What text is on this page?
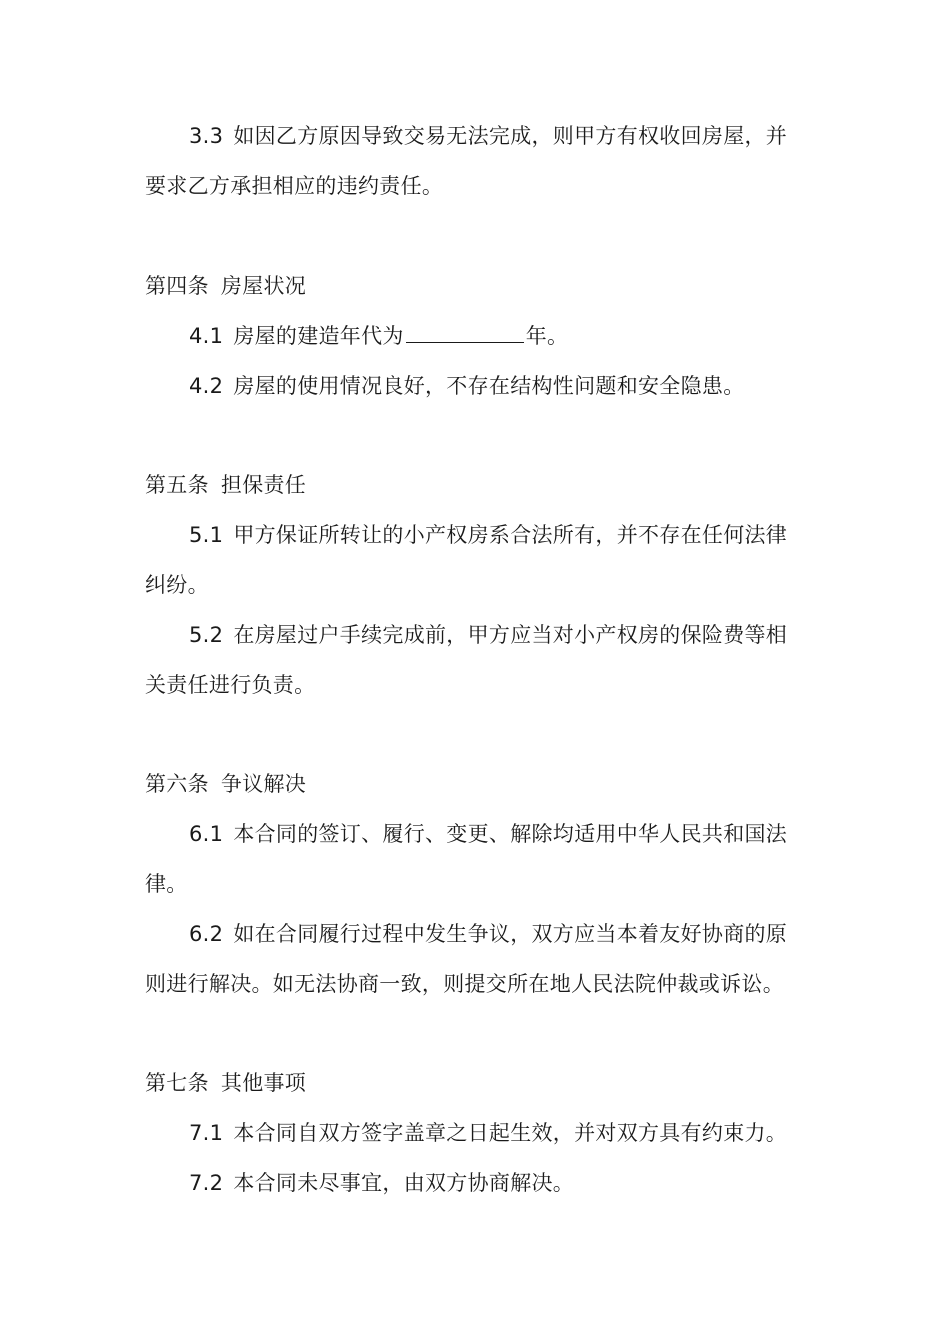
3.3 如因乙方原因导致交易无法完成，则甲方有权收回房屋，并
要求乙方承担相应的违约责任。
第四条 房屋状况
4.1 房屋的建造年代为	年。
4.2 房屋的使用情况良好，不存在结构性问题和安全隐患。
第五条 担保责任
5.1 甲方保证所转让的小产权房系合法所有，并不存在任何法律
纠纷。
5.2 在房屋过户手续完成前，甲方应当对小产权房的保险费等相
关责任进行负责。
第六条 争议解决
6.1 本合同的签订、履行、变更、解除均适用中华人民共和国法
律。
6.2 如在合同履行过程中发生争议，双方应当本着友好协商的原
则进行解决。如无法协商一致，则提交所在地人民法院仲裁或诉讼。
第七条 其他事项
7.1 本合同自双方签字盖章之日起生效，并对双方具有约束力。
7.2 本合同未尽事宜，由双方协商解决。
